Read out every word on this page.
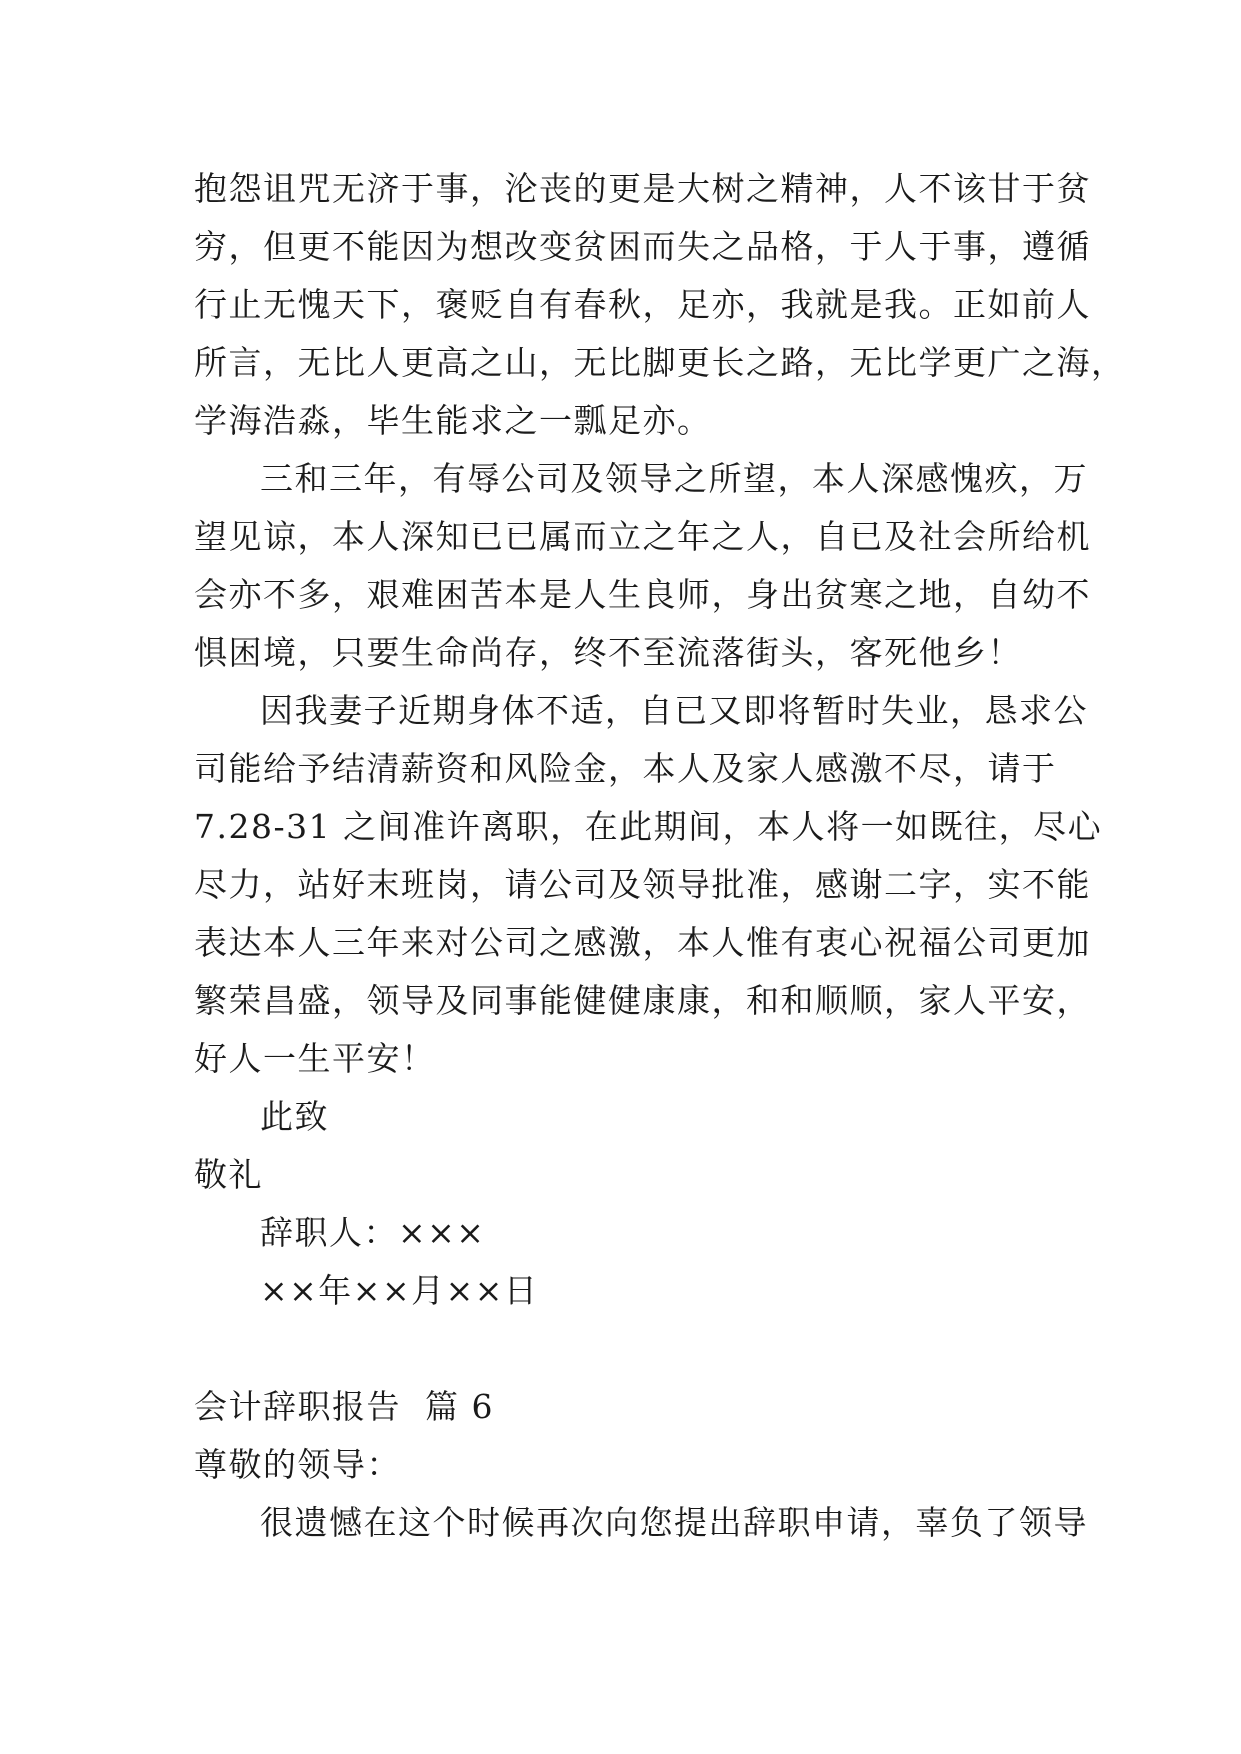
抱怨诅咒无济于事，沦丧的更是大树之精神，人不该甘于贫
穷，但更不能因为想改变贫困而失之品格，于人于事，遵循
行止无愧天下，褒贬自有春秋，足亦，我就是我。正如前人
所言，无比人更高之山，无比脚更长之路，无比学更广之海，
学海浩淼，毕生能求之一瓢足亦。
三和三年，有辱公司及领导之所望，本人深感愧疚，万
望见谅，本人深知已已属而立之年之人，自已及社会所给机
会亦不多，艰难困苦本是人生良师，身出贫寒之地，自幼不
惧困境，只要生命尚存，终不至流落街头，客死他乡！
因我妻子近期身体不适，自已又即将暂时失业，恳求公
司能给予结清薪资和风险金，本人及家人感激不尽，请于
7.28-31 之间准许离职，在此期间，本人将一如既往，尽心
尽力，站好末班岗，请公司及领导批准，感谢二字，实不能
表达本人三年来对公司之感激，本人惟有衷心祝福公司更加
繁荣昌盛，领导及同事能健健康康，和和顺顺，家人平安，
好人一生平安！
此致
敬礼
辞职人：×××
××年××月××日
会计辞职报告  篇 6
尊敬的领导：
很遗憾在这个时候再次向您提出辞职申请，辜负了领导
